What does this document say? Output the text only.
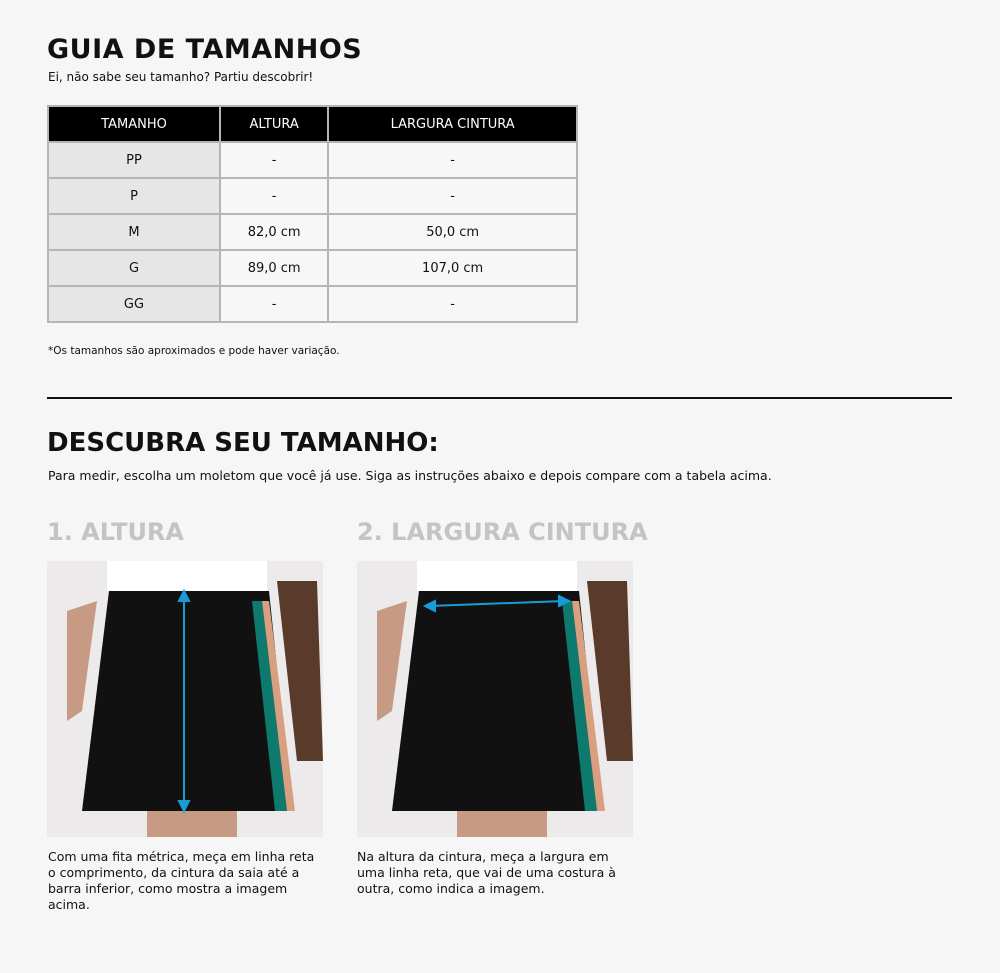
GUIA DE TAMANHOS
Ei, não sabe seu tamanho? Partiu descobrir!
TAMANHO	ALTURA	LARGURA CINTURA
PP	-	-
P	-	-
M	82,0 cm	50,0 cm
G	89,0 cm	107,0 cm
GG	-	-
*Os tamanhos são aproximados e pode haver variação.
DESCUBRA SEU TAMANHO:
Para medir, escolha um moletom que você já use. Siga as instruções abaixo e depois compare com a tabela acima.
1. ALTURA	2. LARGURA CINTURA
Com uma fita métrica, meça em linha reta o comprimento, da cintura da saia até a barra inferior, como mostra a imagem acima.
Na altura da cintura, meça a largura em uma linha reta, que vai de uma costura à outra, como indica a imagem.
